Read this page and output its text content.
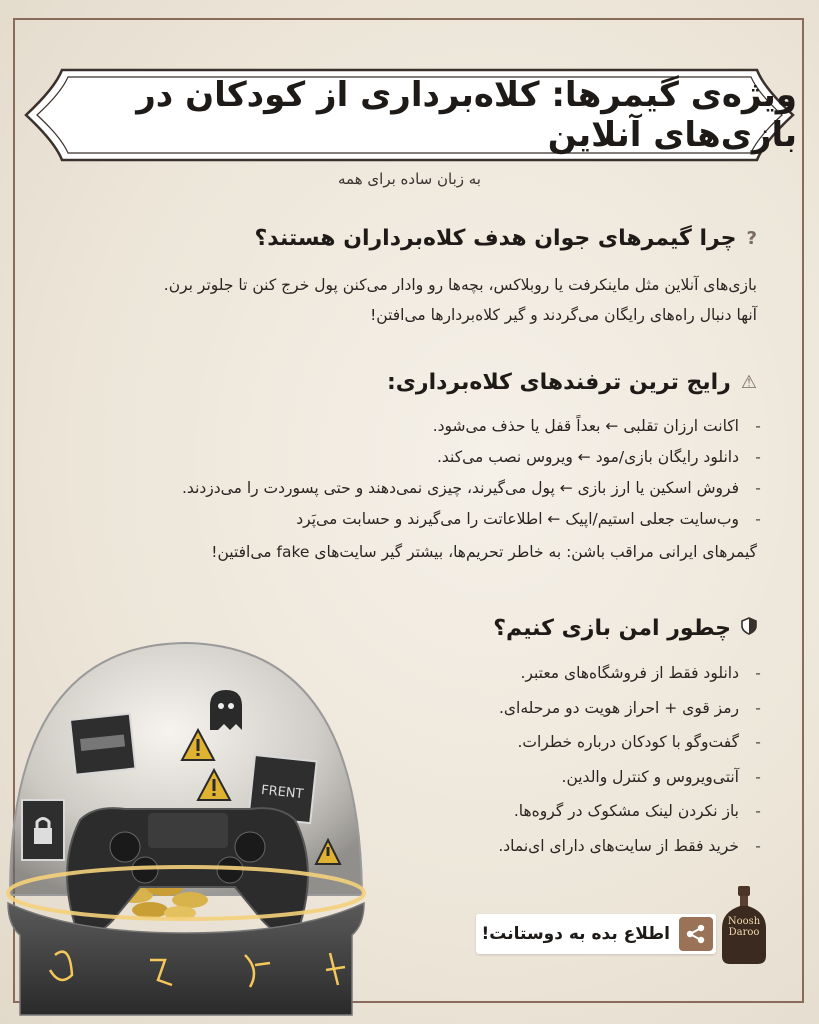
ویژه‌ی گیمرها: کلاه‌برداری از کودکان در بازی‌های آنلاین
به زبان ساده برای همه
?
چرا گیمرهای جوان هدف کلاه‌برداران هستند؟
بازی‌های آنلاین مثل ماینکرفت یا روبلاکس، بچه‌ها رو وادار می‌کنن پول خرج کنن تا جلوتر برن.
آنها دنبال راه‌های رایگان می‌گردند و گیر کلاه‌بردارها می‌افتن!
⚠
رایج ترین ترفندهای کلاه‌برداری:
-
اکانت ارزان تقلبی ← بعداً قفل یا حذف می‌شود.
-
دانلود رایگان بازی/مود ← ویروس نصب می‌کند.
-
فروش اسکین یا ارز بازی ← پول می‌گیرند، چیزی نمی‌دهند و حتی پسوردت را می‌دزدند.
-
وب‌سایت جعلی استیم/اپیک ← اطلاعاتت را می‌گیرند و حسابت می‌پَرد
گیمرهای ایرانی مراقب باشن: به خاطر تحریم‌ها، بیشتر گیر سایت‌های fake می‌افتین!
چطور امن بازی کنیم؟
-
دانلود فقط از فروشگاه‌های معتبر.
-
رمز قوی + احراز هویت دو مرحله‌ای.
-
گفت‌وگو با کودکان درباره خطرات.
-
آنتی‌ویروس و کنترل والدین.
-
باز نکردن لینک مشکوک در گروه‌ها.
-
خرید فقط از سایت‌های دارای ای‌نماد.
FRENT
اطلاع بده به دوستانت!
Noosh
Daroo
